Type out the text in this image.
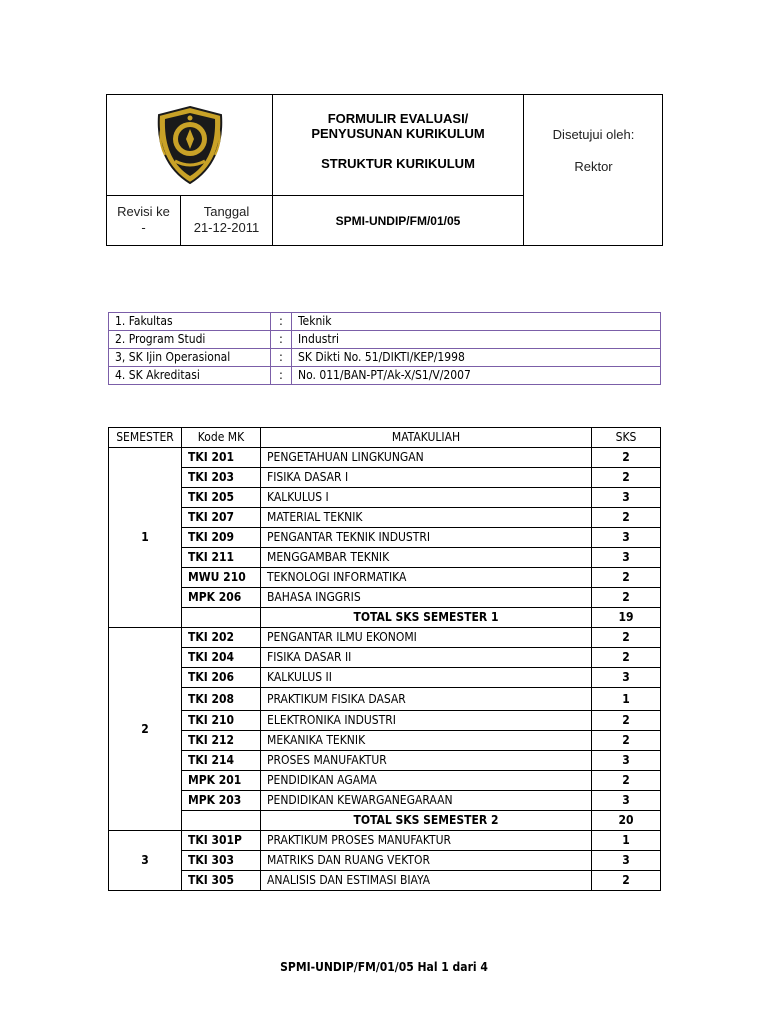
FORMULIR EVALUASI/
PENYUSUNAN KURIKULUM
STRUKTUR KURIKULUM
Disetujui oleh:
Rektor
Revisi ke
-
Tanggal
21-12-2011	SPMI-UNDIP/FM/01/05
1. Fakultas	:	Teknik
2. Program Studi	:	Industri
3, SK Ijin Operasional	:	SK Dikti No. 51/DIKTI/KEP/1998
4. SK Akreditasi	:	No. 011/BAN-PT/Ak-X/S1/V/2007
SEMESTER	Kode MK	MATAKULIAH	SKS
1	TKI 201	PENGETAHUAN LINGKUNGAN	2
	TKI 203	FISIKA DASAR I	2
	TKI 205	KALKULUS I	3
	TKI 207	MATERIAL TEKNIK	2
	TKI 209	PENGANTAR TEKNIK INDUSTRI	3
	TKI 211	MENGGAMBAR TEKNIK	3
	MWU 210	TEKNOLOGI INFORMATIKA	2
	MPK 206	BAHASA INGGRIS	2
		TOTAL SKS SEMESTER 1	19
2	TKI 202	PENGANTAR ILMU EKONOMI	2
	TKI 204	FISIKA DASAR II	2
	TKI 206	KALKULUS II	3
	TKI 208	PRAKTIKUM FISIKA DASAR	1
	TKI 210	ELEKTRONIKA INDUSTRI	2
	TKI 212	MEKANIKA TEKNIK	2
	TKI 214	PROSES MANUFAKTUR	3
	MPK 201	PENDIDIKAN AGAMA	2
	MPK 203	PENDIDIKAN KEWARGANEGARAAN	3
		TOTAL SKS SEMESTER 2	20
3	TKI 301P	PRAKTIKUM PROSES MANUFAKTUR	1
	TKI 303	MATRIKS DAN RUANG VEKTOR	3
	TKI 305	ANALISIS DAN ESTIMASI BIAYA	2
SPMI-UNDIP/FM/01/05 Hal 1 dari 4
